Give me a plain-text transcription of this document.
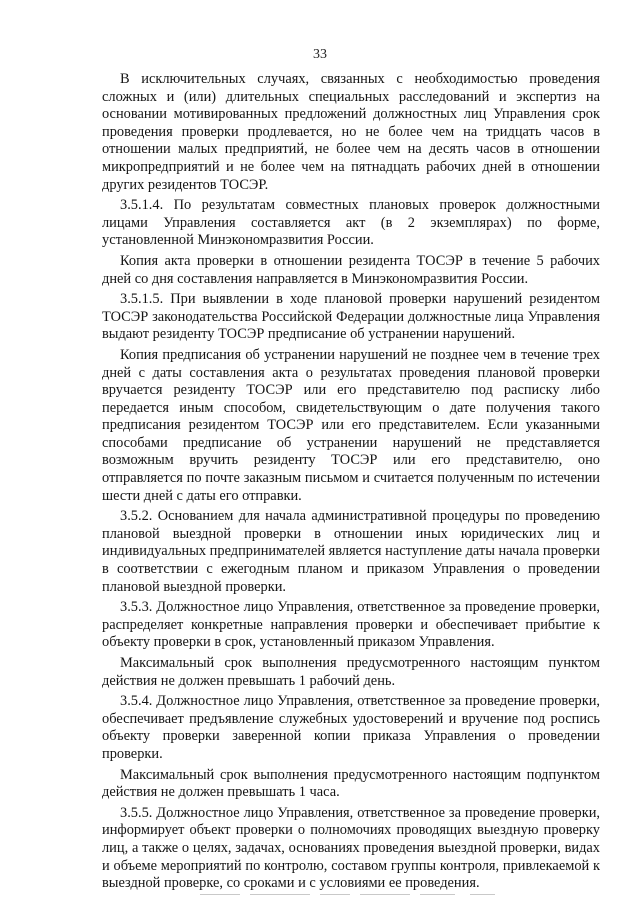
33

В исключительных случаях, связанных с необходимостью проведения сложных и (или) длительных специальных расследований и экспертиз на основании мотивированных предложений должностных лиц Управления срок проведения проверки продлевается, но не более чем на тридцать часов в отношении малых предприятий, не более чем на десять часов в отношении микропредприятий и не более чем на пятнадцать рабочих дней в отношении других резидентов ТОСЭР.

3.5.1.4. По результатам совместных плановых проверок должностными лицами Управления составляется акт (в 2 экземплярах) по форме, установленной Минэкономразвития России.

Копия акта проверки в отношении резидента ТОСЭР в течение 5 рабочих дней со дня составления направляется в Минэкономразвития России.

3.5.1.5. При выявлении в ходе плановой проверки нарушений резидентом ТОСЭР законодательства Российской Федерации должностные лица Управления выдают резиденту ТОСЭР предписание об устранении нарушений.

Копия предписания об устранении нарушений не позднее чем в течение трех дней с даты составления акта о результатах проведения плановой проверки вручается резиденту ТОСЭР или его представителю под расписку либо передается иным способом, свидетельствующим о дате получения такого предписания резидентом ТОСЭР или его представителем. Если указанными способами предписание об устранении нарушений не представляется возможным вручить резиденту ТОСЭР или его представителю, оно отправляется по почте заказным письмом и считается полученным по истечении шести дней с даты его отправки.

3.5.2. Основанием для начала административной процедуры по проведению плановой выездной проверки в отношении иных юридических лиц и индивидуальных предпринимателей является наступление даты начала проверки в соответствии с ежегодным планом и приказом Управления о проведении плановой выездной проверки.

3.5.3. Должностное лицо Управления, ответственное за проведение проверки, распределяет конкретные направления проверки и обеспечивает прибытие к объекту проверки в срок, установленный приказом Управления.

Максимальный срок выполнения предусмотренного настоящим пунктом действия не должен превышать 1 рабочий день.

3.5.4. Должностное лицо Управления, ответственное за проведение проверки, обеспечивает предъявление служебных удостоверений и вручение под роспись объекту проверки заверенной копии приказа Управления о проведении проверки.

Максимальный срок выполнения предусмотренного настоящим подпунктом действия не должен превышать 1 часа.

3.5.5. Должностное лицо Управления, ответственное за проведение проверки, информирует объект проверки о полномочиях проводящих выездную проверку лиц, а также о целях, задачах, основаниях проведения выездной проверки, видах и объеме мероприятий по контролю, составом группы контроля, привлекаемой к выездной проверке, со сроками и с условиями ее проведения.
